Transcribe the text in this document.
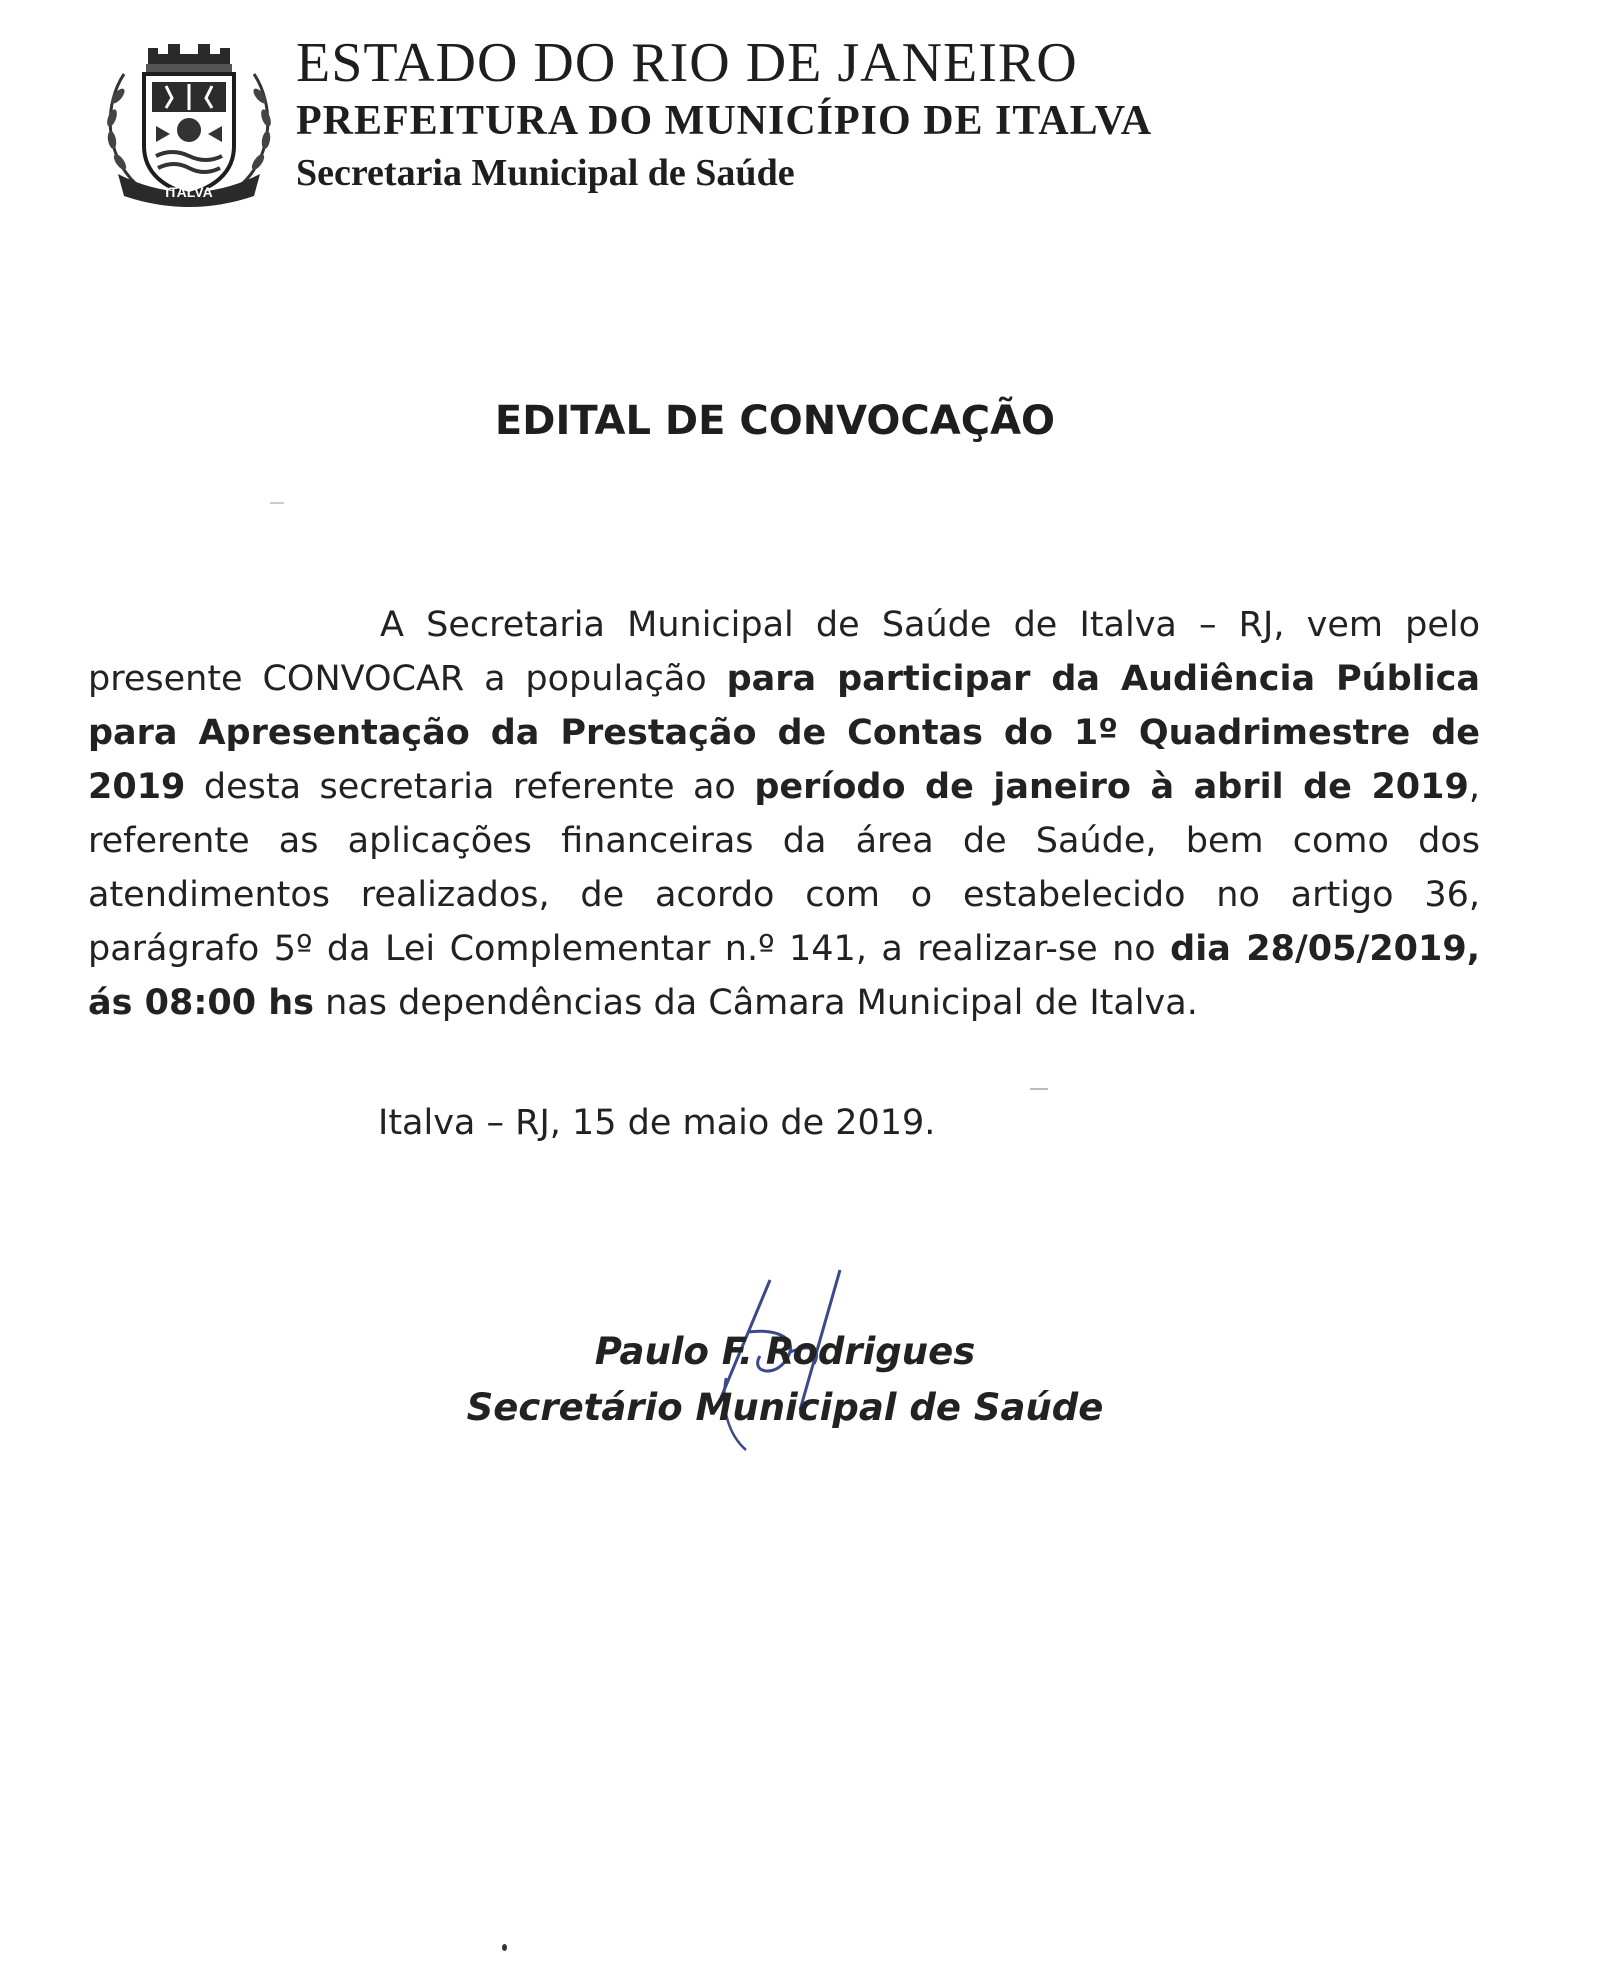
ITALVA
ESTADO DO RIO DE JANEIRO
PREFEITURA DO MUNICÍPIO DE ITALVA
Secretaria Municipal de Saúde
EDITAL DE CONVOCAÇÃO

A Secretaria Municipal de Saúde de Italva – RJ, vem pelo presente CONVOCAR a população para participar da Audiência Pública para Apresentação da Prestação de Contas do 1º Quadrimestre de 2019 desta secretaria referente ao período de janeiro à abril de 2019, referente as aplicações financeiras da área de Saúde, bem como dos atendimentos realizados, de acordo com o estabelecido no artigo 36, parágrafo 5º da Lei Complementar n.º 141, a realizar-se no dia 28/05/2019, ás 08:00 hs nas dependências da Câmara Municipal de Italva.

Italva – RJ, 15 de maio de 2019.
Paulo F. Rodrigues
Secretário Municipal de Saúde
